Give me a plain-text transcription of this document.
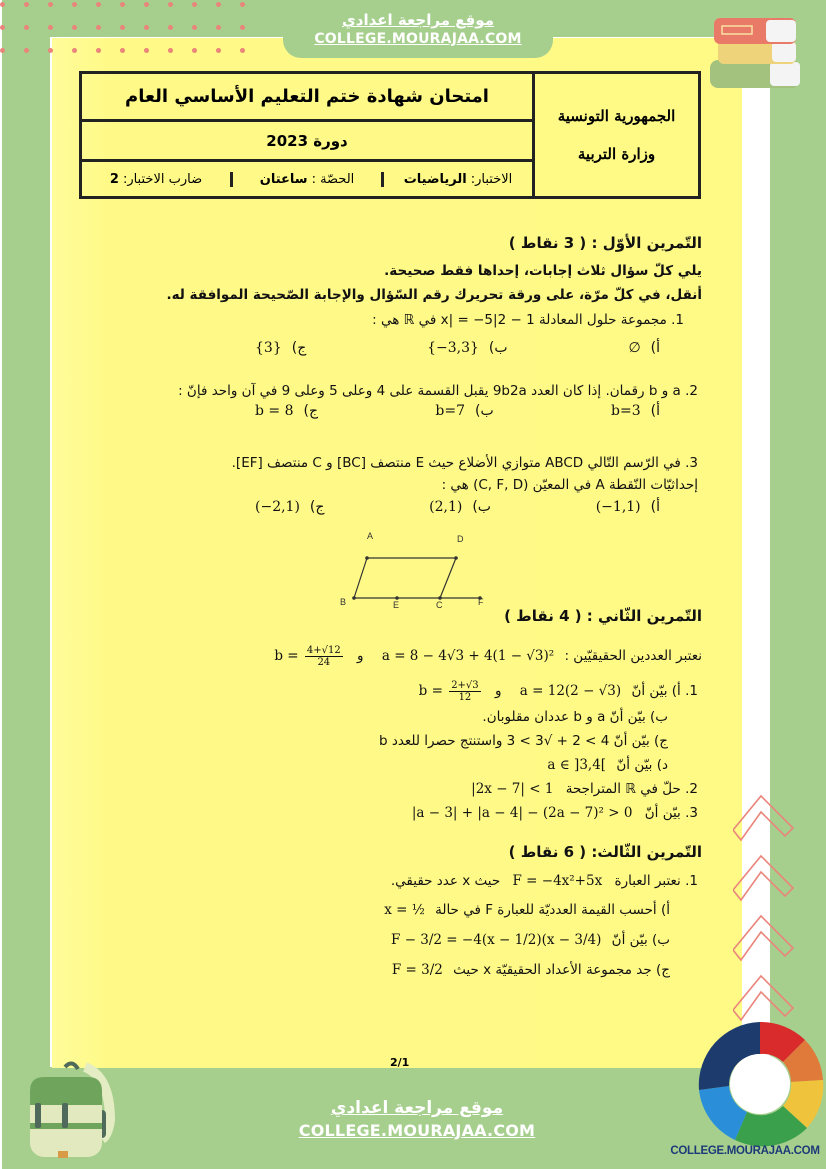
موقع مراجعة اعدادي
COLLEGE.MOURAJAA.COM
الجمهورية التونسية
وزارة التربية
امتحان شهادة ختم التعليم الأساسي العام
دورة 2023
الاختبار:
الرياضيات
الحصّة :
ساعتان
ضارب الاختبار:
2
التّمرين الأوّل : ( 3 نقاط )
يلي كلّ سؤال ثلاث إجابات، إحداها فقط صحيحة.
أنقل، في كلّ مرّة، على ورقة تحريرك رقم السّؤال والإجابة الصّحيحة الموافقة له.
1. مجموعة حلول المعادلة 1 − 2|x| = −5 في ℝ هي :
أ)
∅
ب)
{−3,3}
ج)
{3}
2. a و b رقمان. إذا كان العدد 9b2a يقبل القسمة على 4 وعلى 5 وعلى 9 في آن واحد فإنّ :
أ)
b=3
ب)
b=7
ج)
b = 8
3. في الرّسم التّالي ABCD متوازي الأضلاع حيث E منتصف [BC] و C منتصف [EF].
إحداثيّات النّقطة A في المعيّن (C, F, D) هي :
أ)
(−1,1)
ب)
(2,1)
ج)
(−2,1)
التّمرين الثّاني : ( 4 نقاط )
نعتبر العددين الحقيقيّين : a = 8 − 4√3 + 4(1 − √3)² و $b = \frac{4+√12}{24}$
1. أ) بيّن أنّ a = 12(2 − √3) و $b = \frac{2+√3}{12}$
ب) بيّن أنّ a و b عددان مقلوبان.
ج) بيّن أنّ 4 > 2 + √3 > 3 واستنتج حصرا للعدد b
د) بيّن أنّ a ∈ ]3,4[
2. حلّ في ℝ المتراجحة |2x − 7| < 1
3. بيّن أنّ |a − 3| + |a − 4| − (2a − 7)² > 0
التّمرين الثّالث: ( 6 نقاط )
1. نعتبر العبارة F = −4x²+5x حيث x عدد حقيقي.
أ) أحسب القيمة العدديّة للعبارة F في حالة x = ½
ب) بيّن أنّ F − 3/2 = −4(x − 1/2)(x − 3/4)
ج) جد مجموعة الأعداد الحقيقيّة x حيث F = 3/2
A	D
B	E	C	F
2/1
موقع مراجعة اعدادي
COLLEGE.MOURAJAA.COM
COLLEGE.MOURAJAA.COM
